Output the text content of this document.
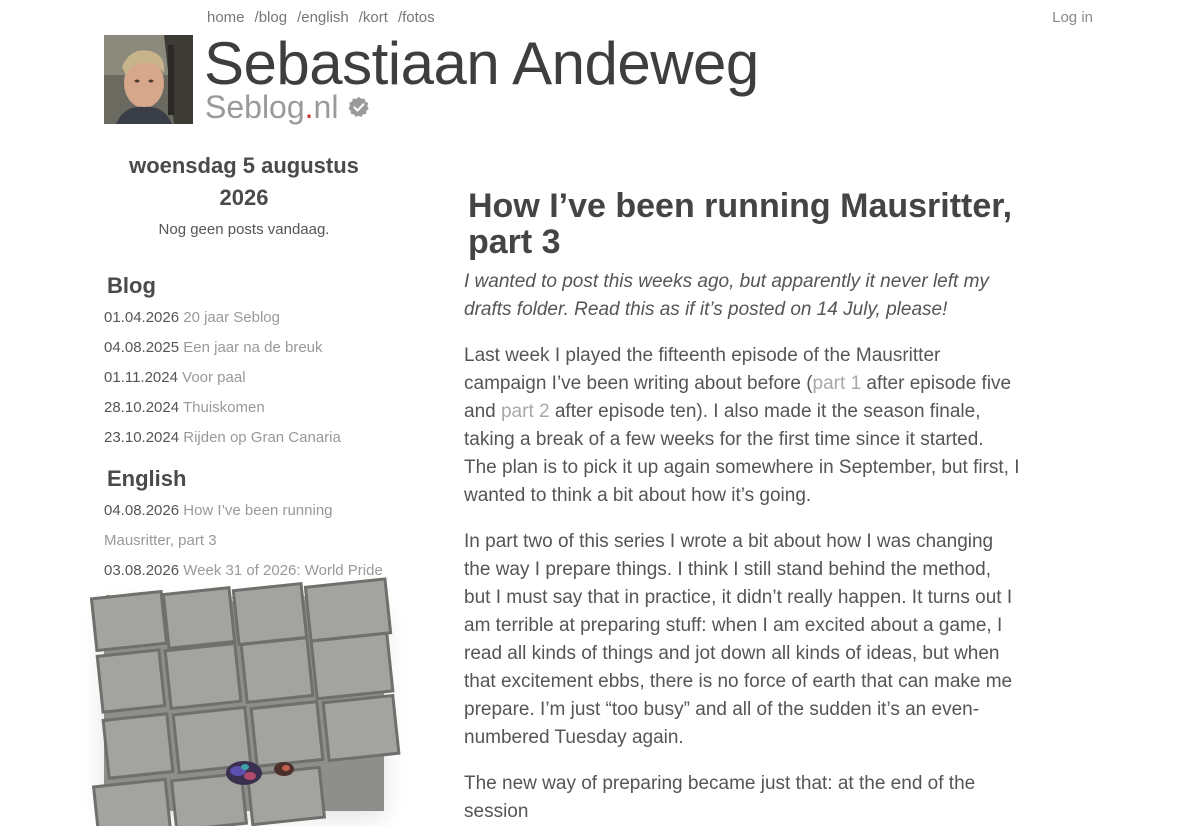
home /blog /english /kort /fotos	Log in
Sebastiaan Andeweg
Seblog . nl
woensdag 5 augustus 2026
Nog geen posts vandaag.
Blog
01.04.2026 20 jaar Seblog
04.08.2025 Een jaar na de breuk
01.11.2024 Voor paal
28.10.2024 Thuiskomen
23.10.2024 Rijden op Gran Canaria
English
04.08.2026 How I’ve been running Mausritter, part 3
03.08.2026 Week 31 of 2026: World Pride
How I’ve been running Mausritter, part 3

I wanted to post this weeks ago, but apparently it never left my drafts folder. Read this as if it’s posted on 14 July, please!

Last week I played the fifteenth episode of the Mausritter campaign I’ve been writing about before (part 1 after episode five and part 2 after episode ten). I also made it the season finale, taking a break of a few weeks for the first time since it started. The plan is to pick it up again somewhere in September, but first, I wanted to think a bit about how it’s going.

In part two of this series I wrote a bit about how I was changing the way I prepare things. I think I still stand behind the method, but I must say that in practice, it didn’t really happen. It turns out I am terrible at preparing stuff: when I am excited about a game, I read all kinds of things and jot down all kinds of ideas, but when that excitement ebbs, there is no force of earth that can make me prepare. I’m just “too busy” and all of the sudden it’s an even-numbered Tuesday again.

The new way of preparing became just that: at the end of the session
